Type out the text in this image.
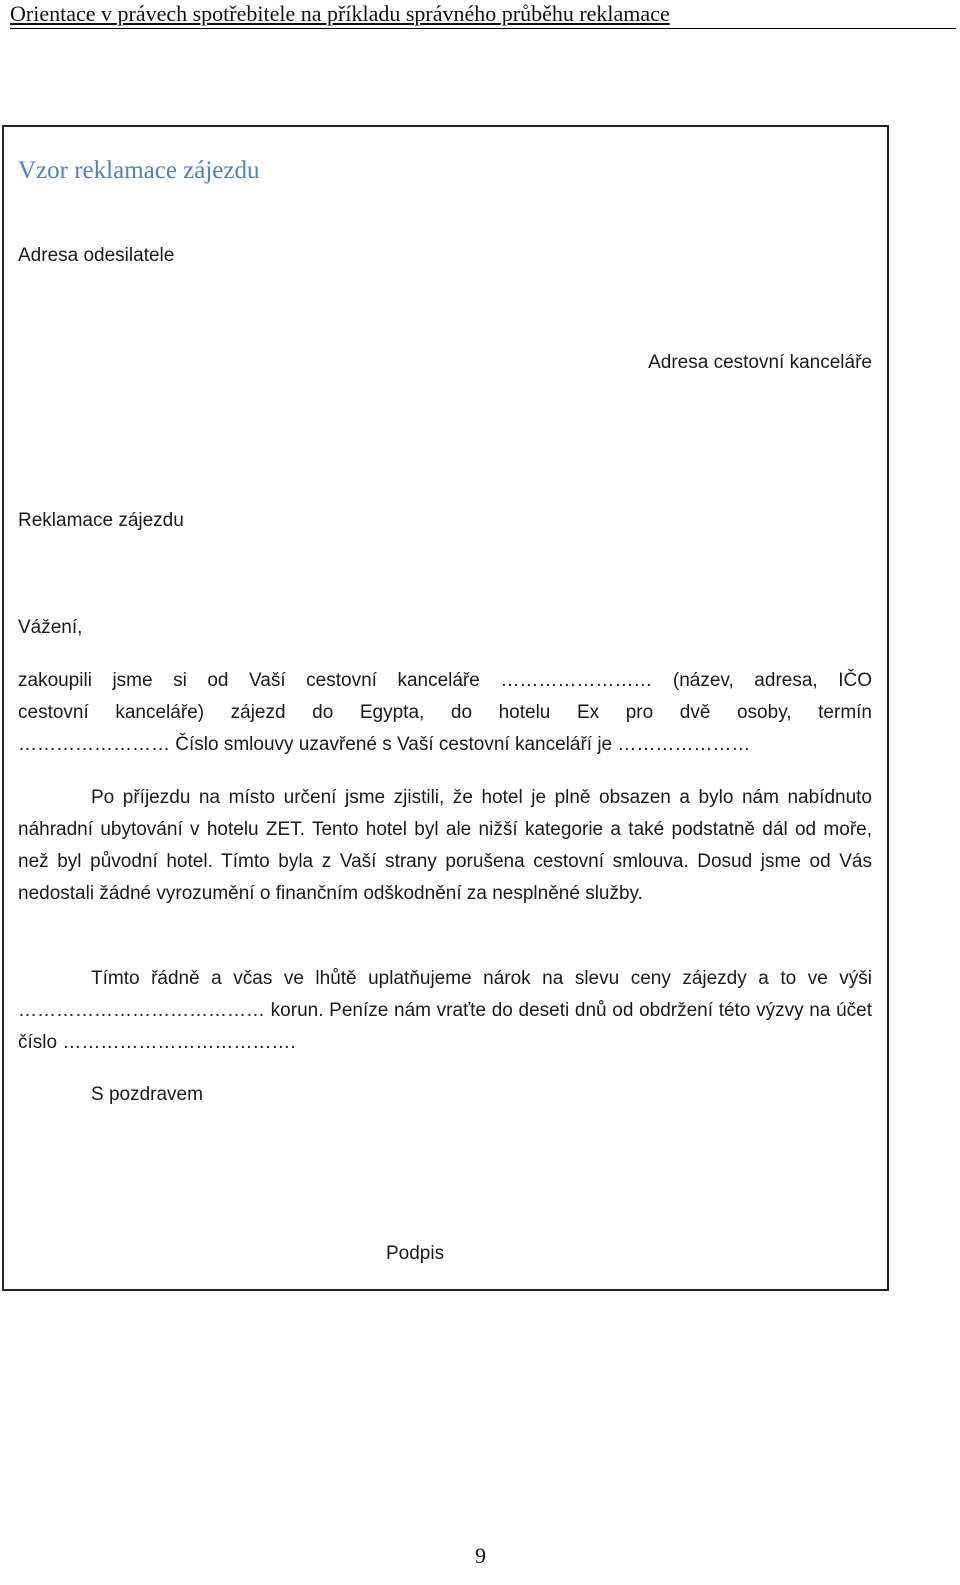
Orientace v právech spotřebitele na příkladu správného průběhu reklamace
Vzor reklamace zájezdu
Adresa odesilatele
Adresa cestovní kanceláře
Reklamace zájezdu
Vážení,
zakoupili jsme si od Vaší cestovní kanceláře …………………… (název, adresa, IČO
cestovní kanceláře) zájezd do Egypta, do hotelu Ex pro dvě osoby, termín
…………………… Číslo smlouvy uzavřené s Vaší cestovní kanceláří je …………………
Po příjezdu na místo určení jsme zjistili, že hotel je plně obsazen a bylo nám nabídnuto náhradní ubytování v hotelu ZET. Tento hotel byl ale nižší kategorie a také podstatně dál od moře, než byl původní hotel. Tímto byla z Vaší strany porušena cestovní smlouva. Dosud jsme od Vás nedostali žádné vyrozumění o finančním odškodnění za nesplněné služby.
Tímto řádně a včas ve lhůtě uplatňujeme nárok na slevu ceny zájezdy a to ve výši ………………………………… korun. Peníze nám vraťte do deseti dnů od obdržení této výzvy na účet číslo ……………………………….
S pozdravem
Podpis
9
